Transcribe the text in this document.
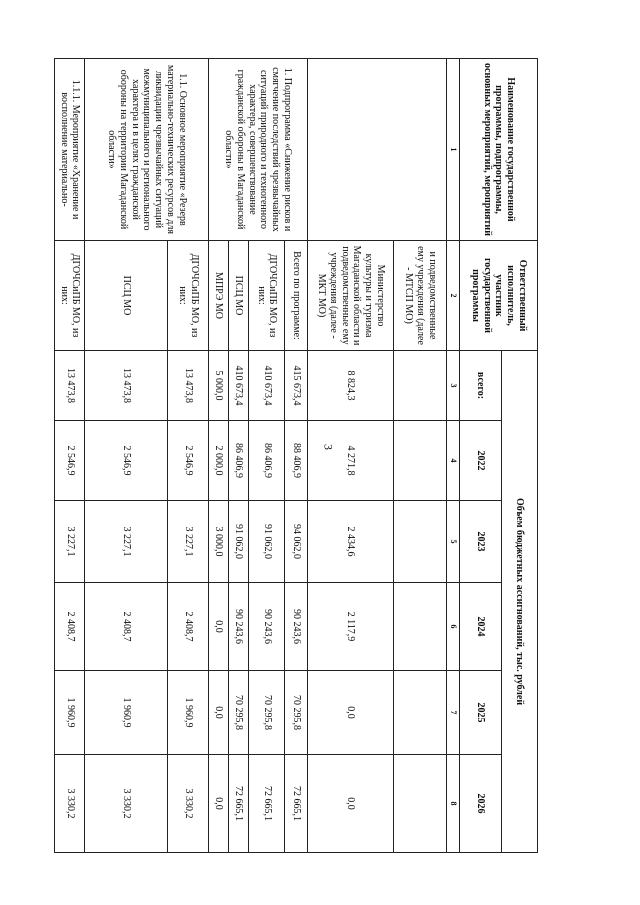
3
Наименование государственной программы, подпрограммы, основных мероприятий, мероприятий	Ответственный исполнитель, участник государственной программы	Объем бюджетных ассигнований, тыс. рублей					
		всего:	2022	2023	2024	2025	2026
1	2	3	4	5	6	7	8
	и подведомственные ему учреждения (далее - МТСП МО)						
	Министерство культуры и туризма Магаданской области и подведомственные ему учреждения (далее - МКТ МО)	8 824,3	4 271,8	2 434,6	2 117,9	0,0	0,0
1. Подпрограмма «Снижение рисков и смягчение последствий чрезвычайных ситуаций природного и техногенного характера, совершенствование гражданской обороны в Магаданской области»	Всего по программе:	415 673,4	88 406,9	94 062,0	90 243,6	70 295,8	72 665,1
	ДГОЧСиПБ МО, из них:	410 673,4	86 406,9	91 062,0	90 243,6	70 295,8	72 665,1
	ПСЦ МО	410 673,4	86 406,9	91 062,0	90 243,6	70 295,8	72 665,1
	МПРЭ МО	5 000,0	2 000,0	3 000,0	0,0	0,0	0,0
1.1. Основное мероприятие «Резерв материально-технических ресурсов для ликвидации чрезвычайных ситуаций межмуниципального и регионального характера и в целях гражданской обороны на территории Магаданской области»	ДГОЧСиПБ МО, из них:	13 473,8	2 546,9	3 227,1	2 408,7	1 960,9	3 330,2
	ПСЦ МО	13 473,8	2 546,9	3 227,1	2 408,7	1 960,9	3 330,2
1.1.1. Мероприятие «Хранение и восполнение материально-	ДГОЧСиПБ МО, из них:	13 473,8	2 546,9	3 227,1	2 408,7	1 960,9	3 330,2
